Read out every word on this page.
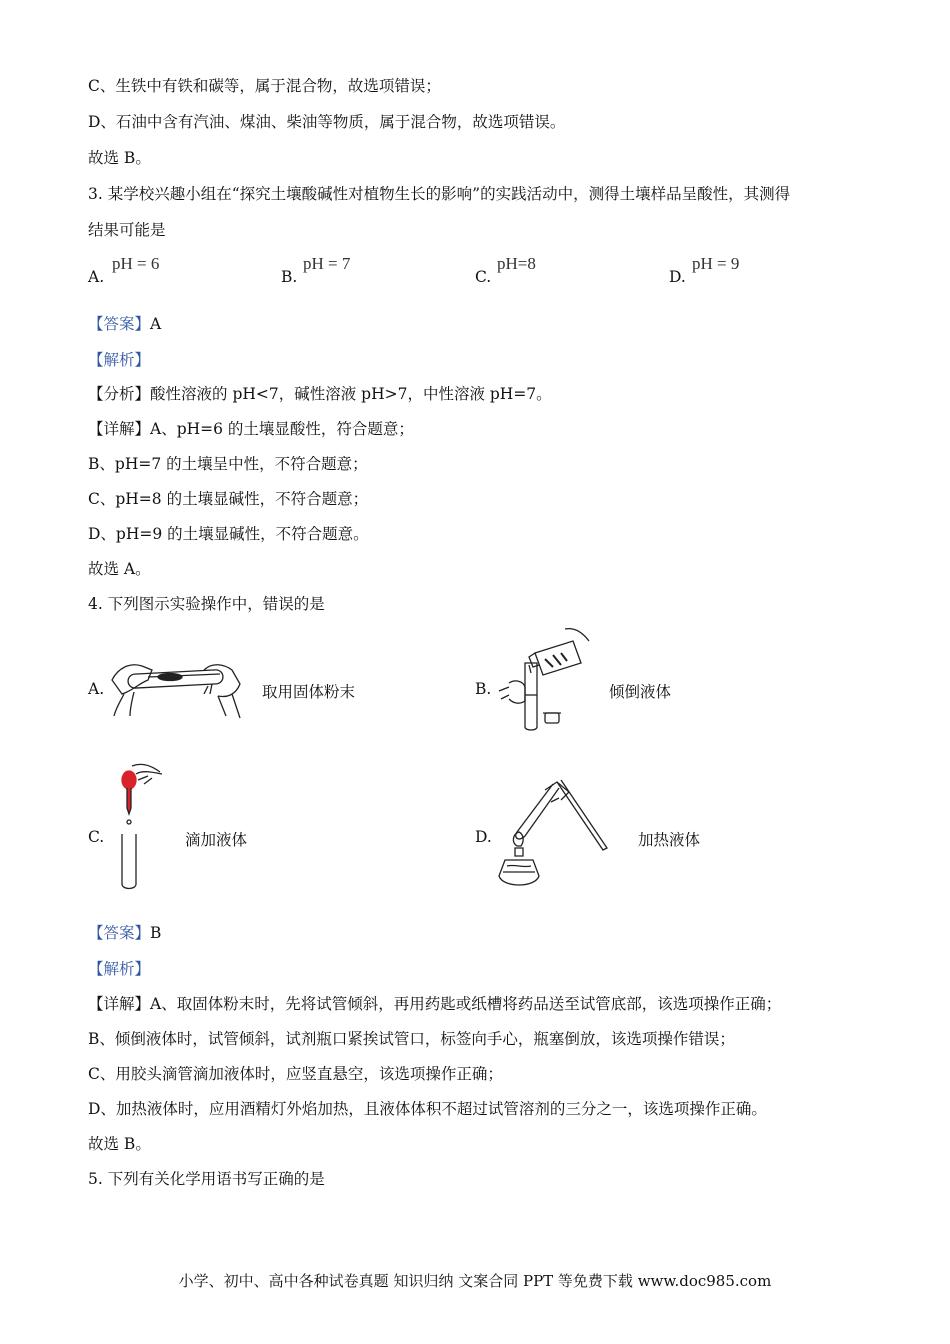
C、生铁中有铁和碳等，属于混合物，故选项错误；
D、石油中含有汽油、煤油、柴油等物质，属于混合物，故选项错误。
故选 B。
3. 某学校兴趣小组在“探究土壤酸碱性对植物生长的影响”的实践活动中，测得土壤样品呈酸性，其测得
结果可能是
A.
pH = 6
B.
pH = 7
C.
pH=8
D.
pH = 9
【答案】A
【解析】
【分析】酸性溶液的 pH<7，碱性溶液 pH>7，中性溶液 pH=7。
【详解】A、pH=6 的土壤显酸性，符合题意；
B、pH=7 的土壤呈中性，不符合题意；
C、pH=8 的土壤显碱性，不符合题意；
D、pH=9 的土壤显碱性，不符合题意。
故选 A。
4. 下列图示实验操作中，错误的是
A.	取用固体粉末	B.	倾倒液体
C.	滴加液体	D.	加热液体
【答案】B
【解析】
【详解】A、取固体粉末时，先将试管倾斜，再用药匙或纸槽将药品送至试管底部，该选项操作正确；
B、倾倒液体时，试管倾斜，试剂瓶口紧挨试管口，标签向手心，瓶塞倒放，该选项操作错误；
C、用胶头滴管滴加液体时，应竖直悬空，该选项操作正确；
D、加热液体时，应用酒精灯外焰加热，且液体体积不超过试管溶剂的三分之一，该选项操作正确。
故选 B。
5. 下列有关化学用语书写正确的是
小学、初中、高中各种试卷真题 知识归纳 文案合同 PPT 等免费下载 www.doc985.com
